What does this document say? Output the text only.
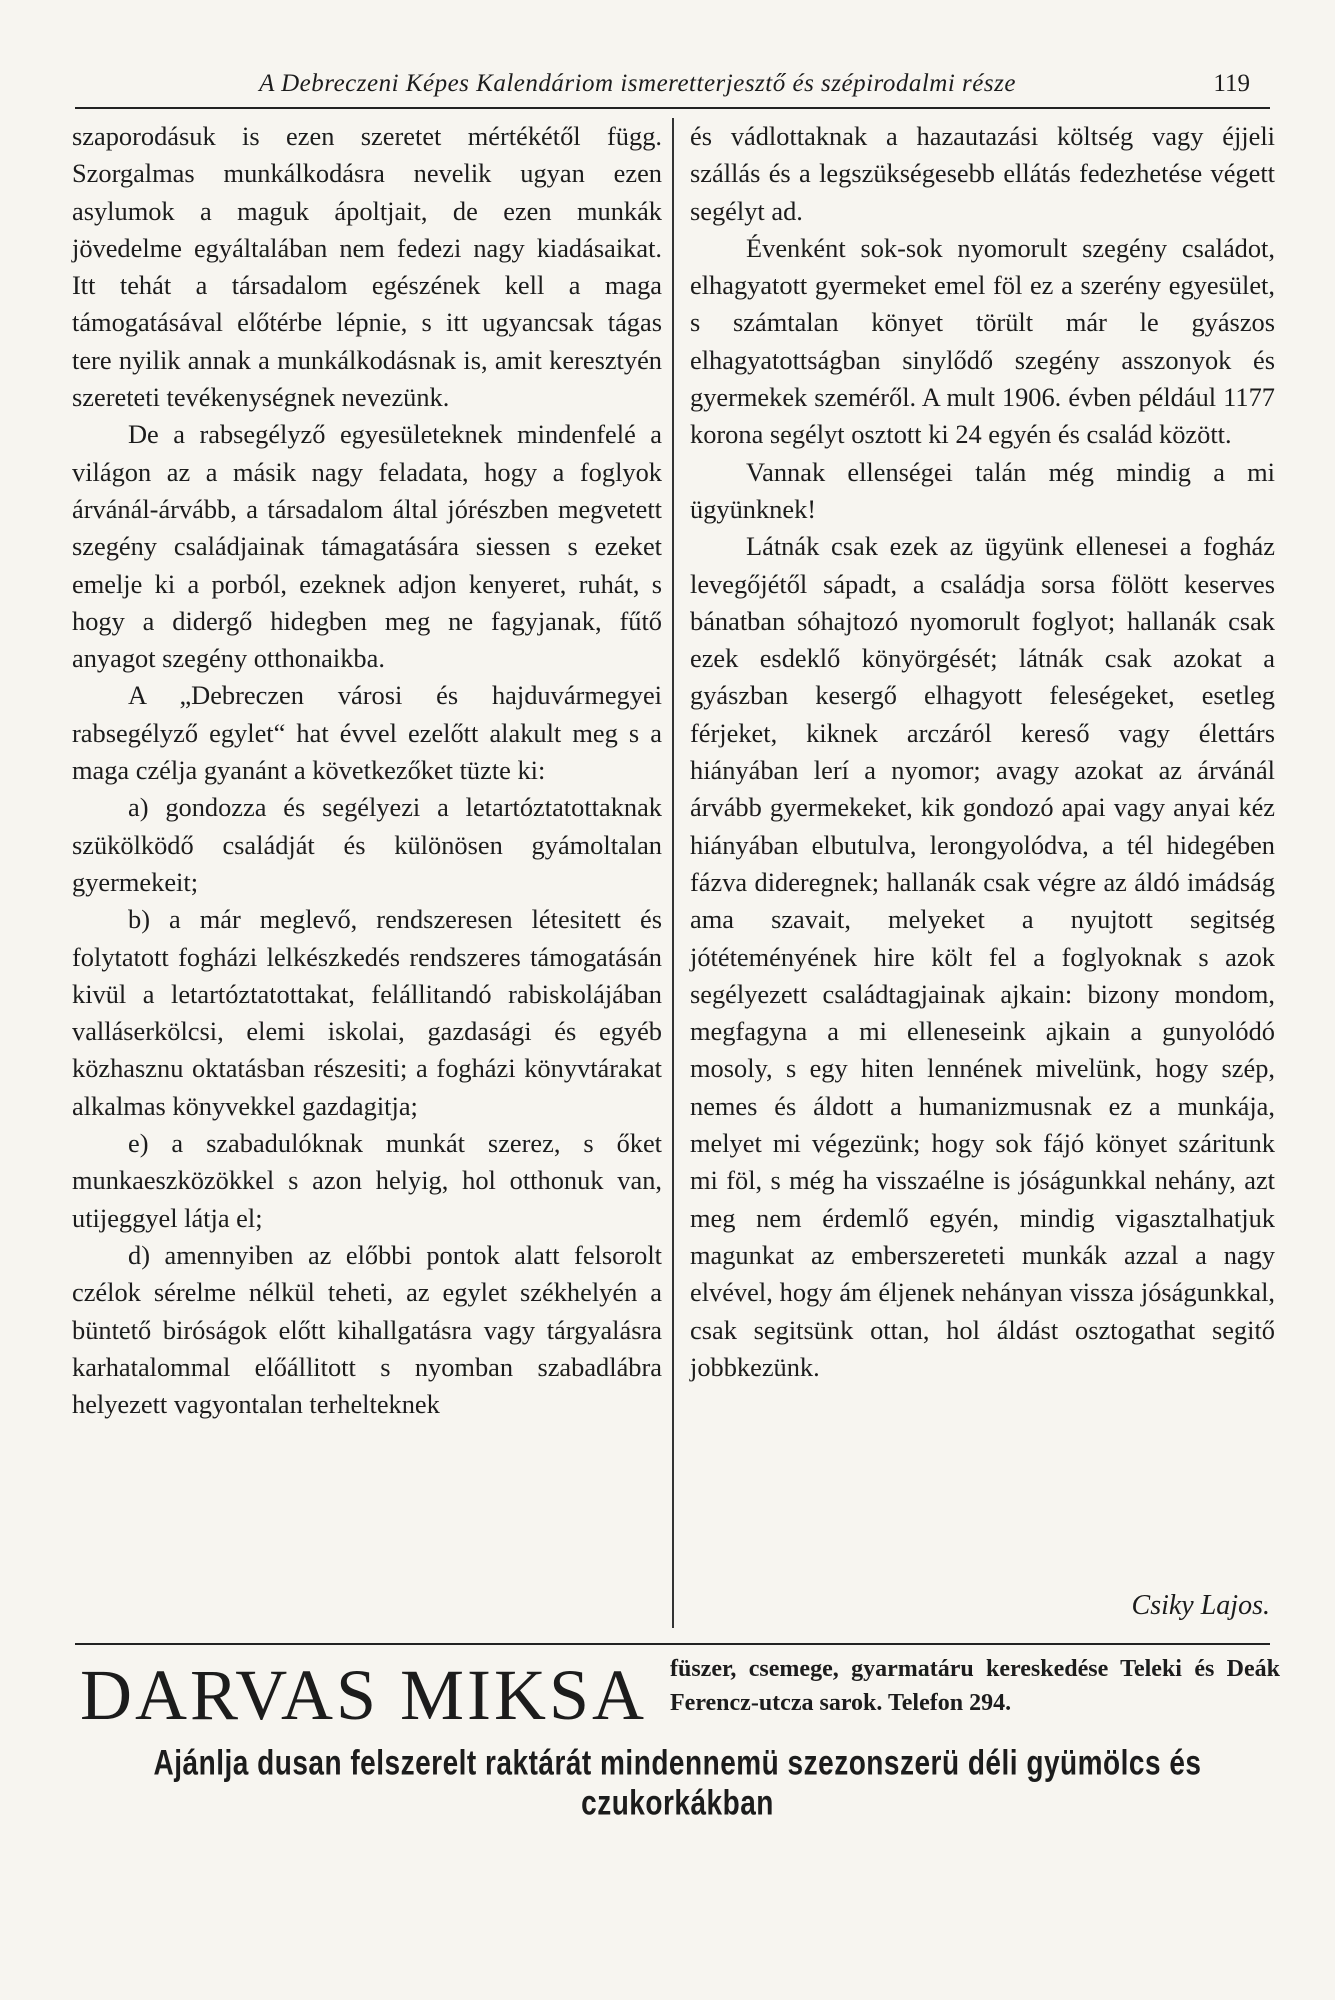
A Debreczeni Képes Kalendáriom ismeretterjesztő és szépirodalmi része	119

szaporodásuk is ezen szeretet mértékétől függ. Szorgalmas munkálkodásra nevelik ugyan ezen asylumok a maguk ápoltjait, de ezen munkák jövedelme egyáltalában nem fedezi nagy kiadásaikat. Itt tehát a társadalom egészének kell a maga támogatásával előtérbe lépnie, s itt ugyancsak tágas tere nyilik annak a munkálkodásnak is, amit keresztyén szereteti tevékenységnek nevezünk.

De a rabsegélyző egyesületeknek mindenfelé a világon az a másik nagy feladata, hogy a foglyok árvánál-árvább, a társadalom által jórészben megvetett szegény családjainak támagatására siessen s ezeket emelje ki a porból, ezeknek adjon kenyeret, ruhát, s hogy a didergő hidegben meg ne fagyjanak, fűtő anyagot szegény otthonaikba.

A „Debreczen városi és hajduvármegyei rabsegélyző egylet“ hat évvel ezelőtt alakult meg s a maga czélja gyanánt a következőket tüzte ki:

a) gondozza és segélyezi a letartóztatottaknak szükölködő családját és különösen gyámoltalan gyermekeit;

b) a már meglevő, rendszeresen létesitett és folytatott fogházi lelkészkedés rendszeres támogatásán kivül a letartóztatottakat, felállitandó rabiskolájában valláserkölcsi, elemi iskolai, gazdasági és egyéb közhasznu oktatásban részesiti; a fogházi könyvtárakat alkalmas könyvekkel gazdagitja;

e) a szabadulóknak munkát szerez, s őket munkaeszközökkel s azon helyig, hol otthonuk van, utijeggyel látja el;

d) amennyiben az előbbi pontok alatt felsorolt czélok sérelme nélkül teheti, az egylet székhelyén a büntető biróságok előtt kihallgatásra vagy tárgyalásra karhatalommal előállitott s nyomban szabadlábra helyezett vagyontalan terhelteknek

és vádlottaknak a hazautazási költség vagy éjjeli szállás és a legszükségesebb ellátás fedezhetése végett segélyt ad.

Évenként sok-sok nyomorult szegény családot, elhagyatott gyermeket emel föl ez a szerény egyesület, s számtalan könyet törült már le gyászos elhagyatottságban sinylődő szegény asszonyok és gyermekek szeméről. A mult 1906. évben például 1177 korona segélyt osztott ki 24 egyén és család között.

Vannak ellenségei talán még mindig a mi ügyünknek!

Látnák csak ezek az ügyünk ellenesei a fogház levegőjétől sápadt, a családja sorsa fölött keserves bánatban sóhajtozó nyomorult foglyot; hallanák csak ezek esdeklő könyörgését; látnák csak azokat a gyászban kesergő elhagyott feleségeket, esetleg férjeket, kiknek arczáról kereső vagy élettárs hiányában lerí a nyomor; avagy azokat az árvánál árvább gyermekeket, kik gondozó apai vagy anyai kéz hiányában elbutulva, lerongyolódva, a tél hidegében fázva dideregnek; hallanák csak végre az áldó imádság ama szavait, melyeket a nyujtott segitség jótéteményének hire költ fel a foglyoknak s azok segélyezett családtagjainak ajkain: bizony mondom, megfagyna a mi elleneseink ajkain a gunyolódó mosoly, s egy hiten lennének mivelünk, hogy szép, nemes és áldott a humanizmusnak ez a munkája, melyet mi végezünk; hogy sok fájó könyet száritunk mi föl, s még ha visszaélne is jóságunkkal nehány, azt meg nem érdemlő egyén, mindig vigasztalhatjuk magunkat az emberszereteti munkák azzal a nagy elvével, hogy ám éljenek nehányan vissza jóságunkkal, csak segitsünk ottan, hol áldást osztogathat segitő jobbkezünk.

Csiky Lajos.
DARVAS MIKSA füszer, csemege, gyarmatáru kereskedése Teleki és Deák Ferencz-utcza sarok. Telefon 294.
Ajánlja dusan felszerelt raktárát mindennemü szezonszerü déli gyümölcs és czukorkákban
